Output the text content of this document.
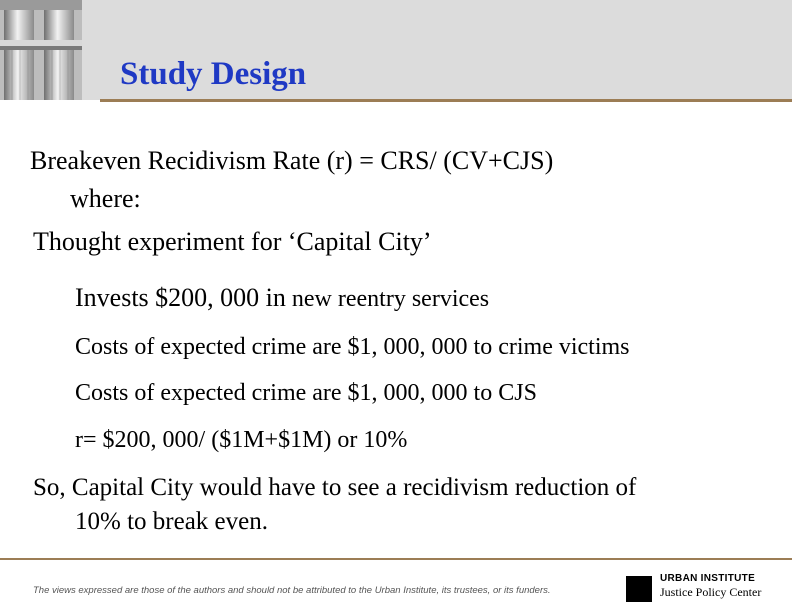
Study Design
Breakeven Recidivism Rate (r) = CRS/ (CV+CJS)
where:
Thought experiment for ‘Capital City’
Invests $200, 000 in new reentry services
Costs of expected crime are $1, 000, 000 to crime victims
Costs of expected crime are $1, 000, 000 to CJS
r= $200, 000/ ($1M+$1M) or 10%
So, Capital City would have to see a recidivism reduction of
10% to break even.
The views expressed are those of the authors and should not be attributed to the Urban Institute, its trustees, or its funders.
URBAN INSTITUTE
Justice Policy Center
